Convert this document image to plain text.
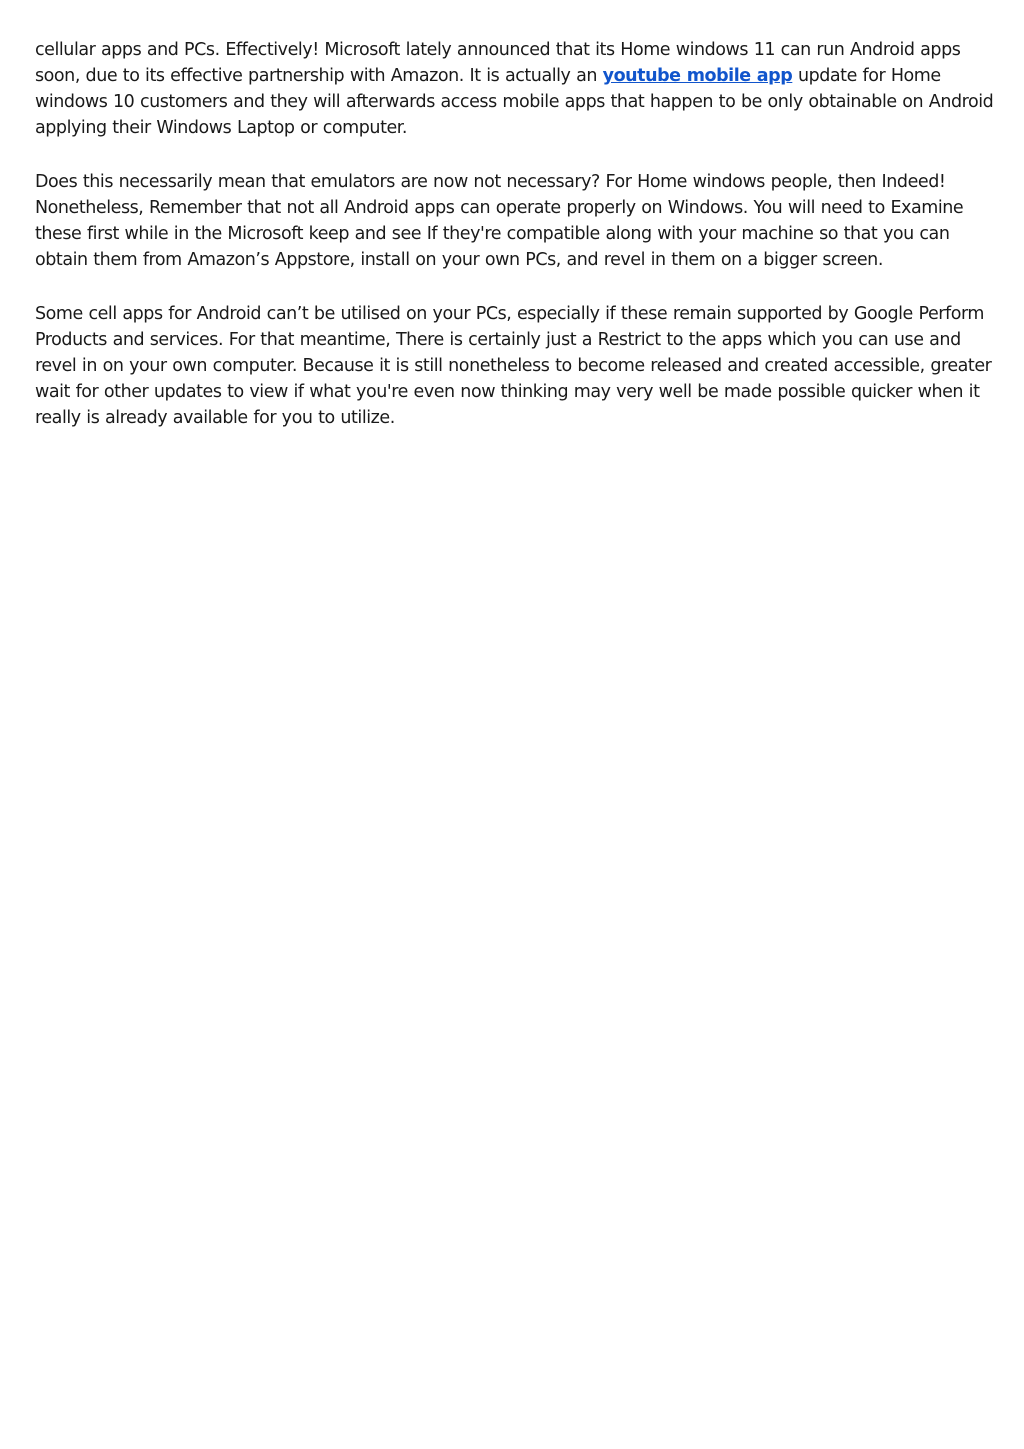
cellular apps and PCs. Effectively! Microsoft lately announced that its Home windows 11 can run Android apps soon, due to its effective partnership with Amazon. It is actually an youtube mobile app update for Home windows 10 customers and they will afterwards access mobile apps that happen to be only obtainable on Android applying their Windows Laptop or computer.

Does this necessarily mean that emulators are now not necessary? For Home windows people, then Indeed! Nonetheless, Remember that not all Android apps can operate properly on Windows. You will need to Examine these first while in the Microsoft keep and see If they're compatible along with your machine so that you can obtain them from Amazon’s Appstore, install on your own PCs, and revel in them on a bigger screen.

Some cell apps for Android can’t be utilised on your PCs, especially if these remain supported by Google Perform Products and services. For that meantime, There is certainly just a Restrict to the apps which you can use and revel in on your own computer. Because it is still nonetheless to become released and created accessible, greater wait for other updates to view if what you're even now thinking may very well be made possible quicker when it really is already available for you to utilize.
